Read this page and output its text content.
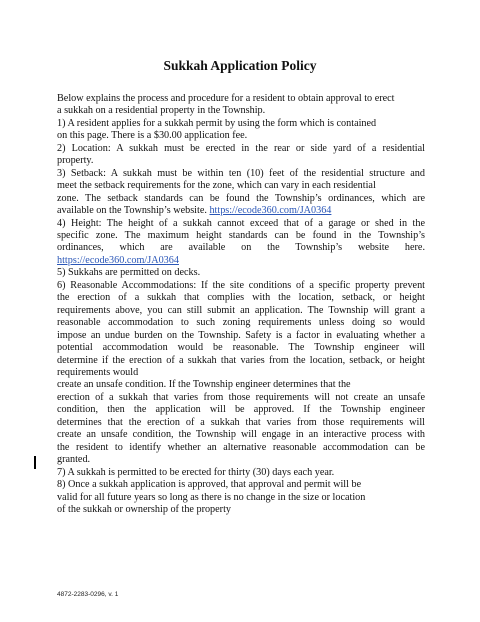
Sukkah Application Policy
Below explains the process and procedure for a resident to obtain approval to erect
a sukkah on a residential property in the Township.
1) A resident applies for a sukkah permit by using the form which is contained
on this page. There is a $30.00 application fee.
2) Location: A sukkah must be erected in the rear or side yard of a residential
property.
3) Setback: A sukkah must be within ten (10) feet of the residential structure and
meet the setback requirements for the zone, which can vary in each residential
zone. The setback standards can be found the Township’s ordinances, which are
available on the Township’s website. https://ecode360.com/JA0364
4) Height: The height of a sukkah cannot exceed that of a garage or shed in the
specific zone. The maximum height standards can be found in the Township’s
ordinances, which are available on the Township’s website here.
https://ecode360.com/JA0364
5) Sukkahs are permitted on decks.
6) Reasonable Accommodations: If the site conditions of a specific property prevent
the erection of a sukkah that complies with the location, setback, or height
requirements above, you can still submit an application. The Township will grant a
reasonable accommodation to such zoning requirements unless doing so would
impose an undue burden on the Township. Safety is a factor in evaluating whether a
potential accommodation would be reasonable. The Township engineer will
determine if the erection of a sukkah that varies from the location, setback, or height
requirements would
create an unsafe condition. If the Township engineer determines that the
erection of a sukkah that varies from those requirements will not create an unsafe
condition, then the application will be approved. If the Township engineer
determines that the erection of a sukkah that varies from those requirements will
create an unsafe condition, the Township will engage in an interactive process with
the resident to identify whether an alternative reasonable accommodation can be
granted.
7) A sukkah is permitted to be erected for thirty (30) days each year.
8) Once a sukkah application is approved, that approval and permit will be
valid for all future years so long as there is no change in the size or location
of the sukkah or ownership of the property
4872-2283-0296, v. 1
